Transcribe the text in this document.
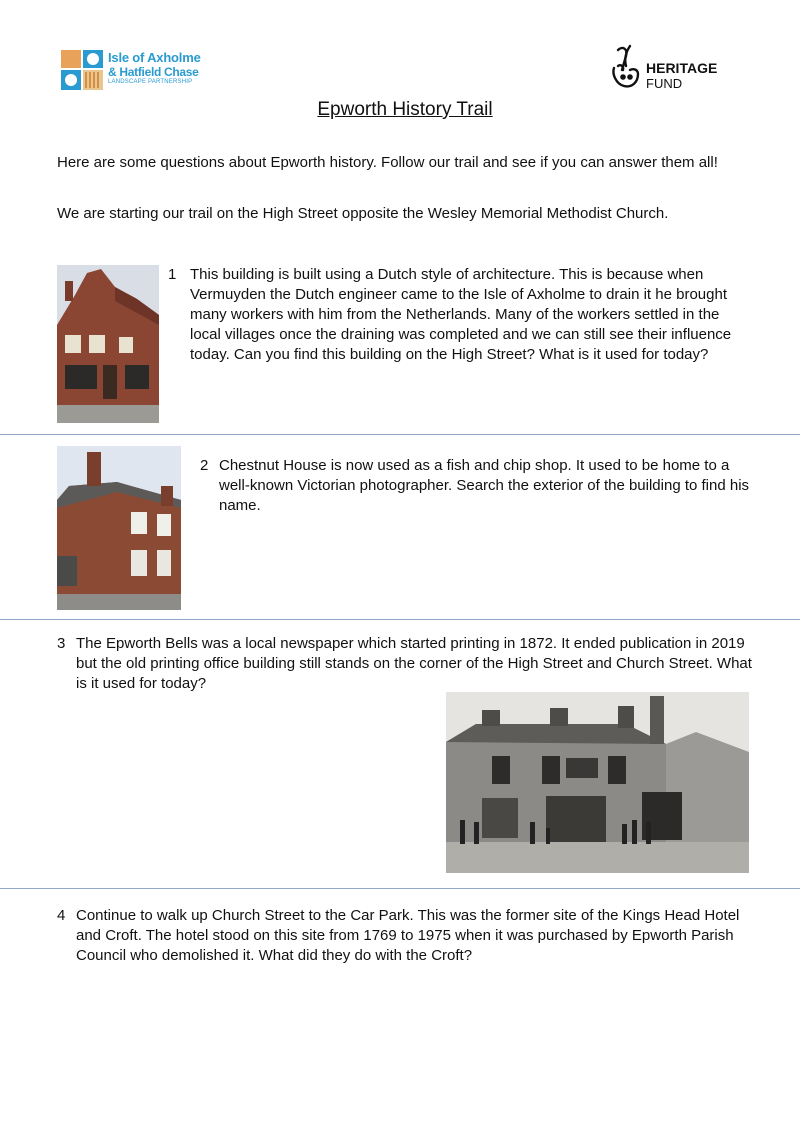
Isle of Axholme
& Hatfield Chase
LANDSCAPE PARTNERSHIP
HERITAGE
FUND
Epworth History Trail
Here are some questions about Epworth history. Follow our trail and see if you can answer them all!
We are starting our trail on the High Street opposite the Wesley Memorial Methodist Church.
1 This building is built using a Dutch style of architecture. This is because when Vermuyden the Dutch engineer came to the Isle of Axholme to drain it he brought many workers with him from the Netherlands. Many of the workers settled in the local villages once the draining was completed and we can still see their influence today. Can you find this building on the High Street? What is it used for today?
2 Chestnut House is now used as a fish and chip shop. It used to be home to a well-known Victorian photographer. Search the exterior of the building to find his name.
3 The Epworth Bells was a local newspaper which started printing in 1872. It ended publication in 2019 but the old printing office building still stands on the corner of the High Street and Church Street. What is it used for today?
4 Continue to walk up Church Street to the Car Park. This was the former site of the Kings Head Hotel and Croft. The hotel stood on this site from 1769 to 1975 when it was purchased by Epworth Parish Council who demolished it. What did they do with the Croft?
